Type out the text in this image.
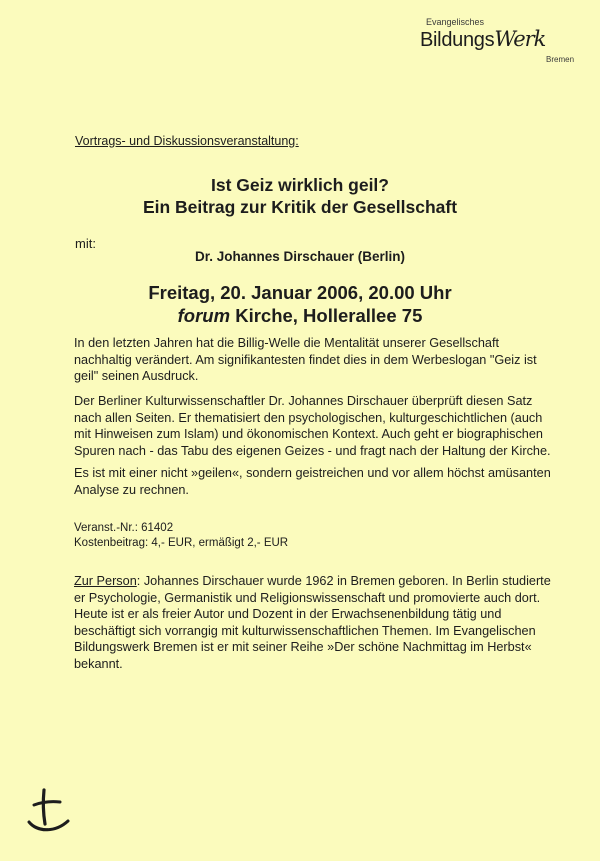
Evangelisches
BildungsWerk
Bremen
Vortrags- und Diskussionsveranstaltung:
Ist Geiz wirklich geil?
Ein Beitrag zur Kritik der Gesellschaft
mit:
Dr. Johannes Dirschauer (Berlin)
Freitag, 20. Januar 2006, 20.00 Uhr
forum Kirche, Hollerallee 75

In den letzten Jahren hat die Billig-Welle die Mentalität unserer Gesellschaft nachhaltig verändert. Am signifikantesten findet dies in dem Werbeslogan "Geiz ist geil" seinen Ausdruck.

Der Berliner Kulturwissenschaftler Dr. Johannes Dirschauer überprüft diesen Satz nach allen Seiten. Er thematisiert den psychologischen, kulturgeschichtlichen (auch mit Hinweisen zum Islam) und ökonomischen Kontext. Auch geht er biographischen Spuren nach - das Tabu des eigenen Geizes - und fragt nach der Haltung der Kirche.

Es ist mit einer nicht »geilen«, sondern geistreichen und vor allem höchst amüsanten Analyse zu rechnen.

Veranst.-Nr.: 61402
Kostenbeitrag: 4,- EUR, ermäßigt 2,- EUR

Zur Person: Johannes Dirschauer wurde 1962 in Bremen geboren. In Berlin studierte er Psychologie, Germanistik und Religionswissenschaft und promovierte auch dort. Heute ist er als freier Autor und Dozent in der Erwachsenenbildung tätig und beschäftigt sich vorrangig mit kulturwissenschaftlichen Themen. Im Evangelischen Bildungswerk Bremen ist er mit seiner Reihe »Der schöne Nachmittag im Herbst« bekannt.
